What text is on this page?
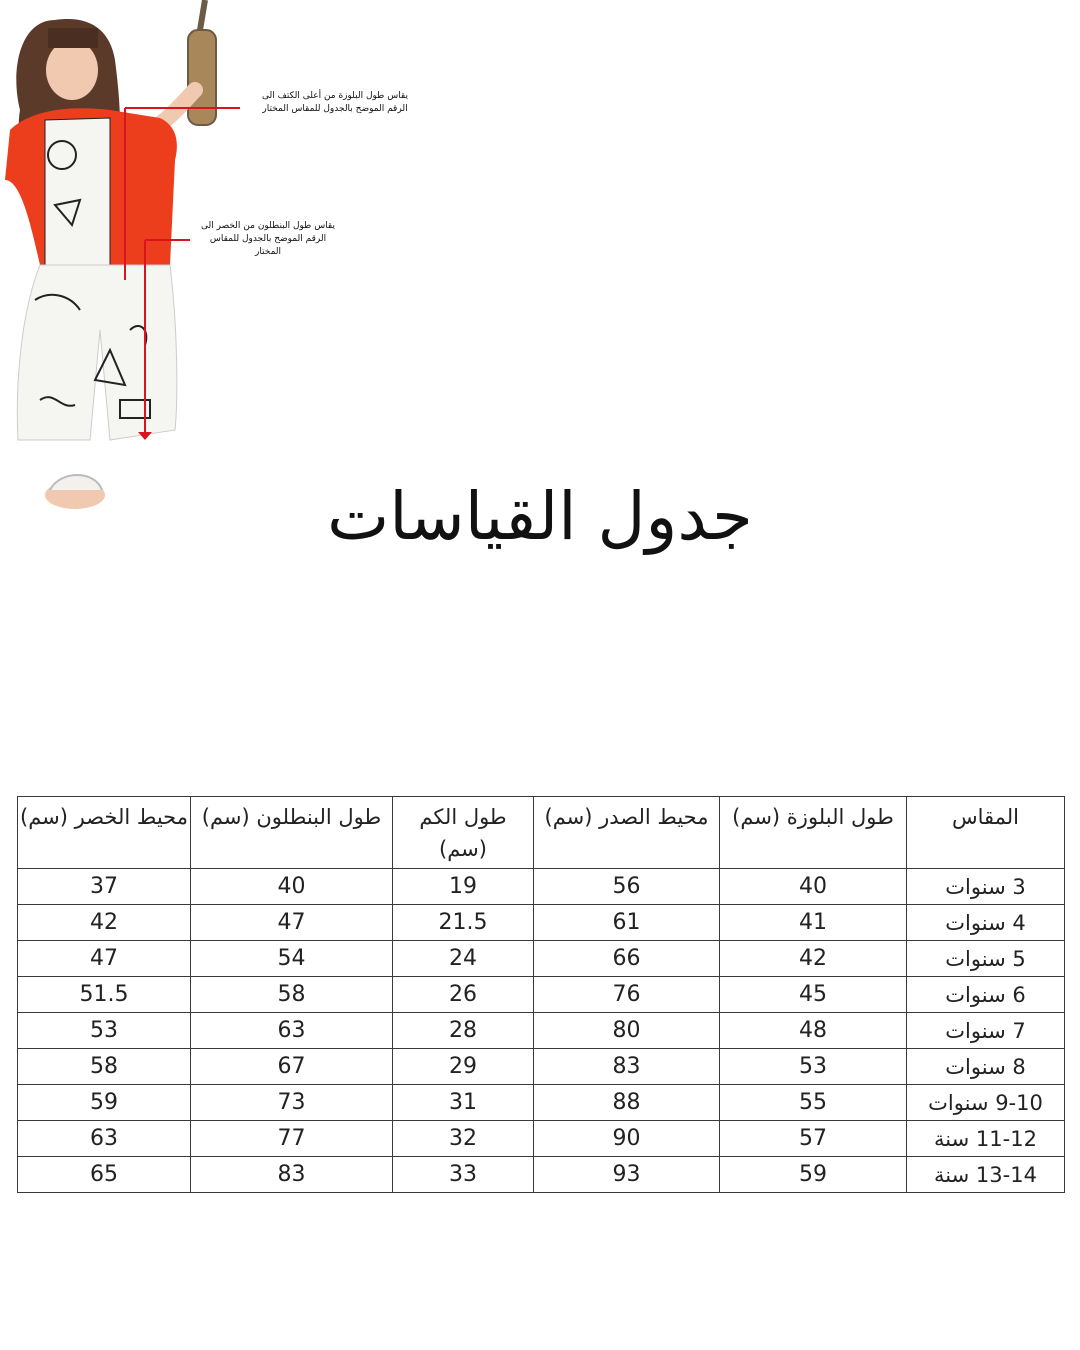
يقاس طول البلوزة من أعلى الكتف الى الرقم الموضح بالجدول للمقاس المختار
يقاس طول البنطلون من الخصر الى الرقم الموضح بالجدول للمقاس المختار
جدول القياسات
المقاس	طول البلوزة (سم)	محيط الصدر (سم)	طول الكم (سم)	طول البنطلون (سم)	محيط الخصر (سم)
3 سنوات	40	56	19	40	37
4 سنوات	41	61	21.5	47	42
5 سنوات	42	66	24	54	47
6 سنوات	45	76	26	58	51.5
7 سنوات	48	80	28	63	53
8 سنوات	53	83	29	67	58
9-10 سنوات	55	88	31	73	59
11-12 سنة	57	90	32	77	63
13-14 سنة	59	93	33	83	65
